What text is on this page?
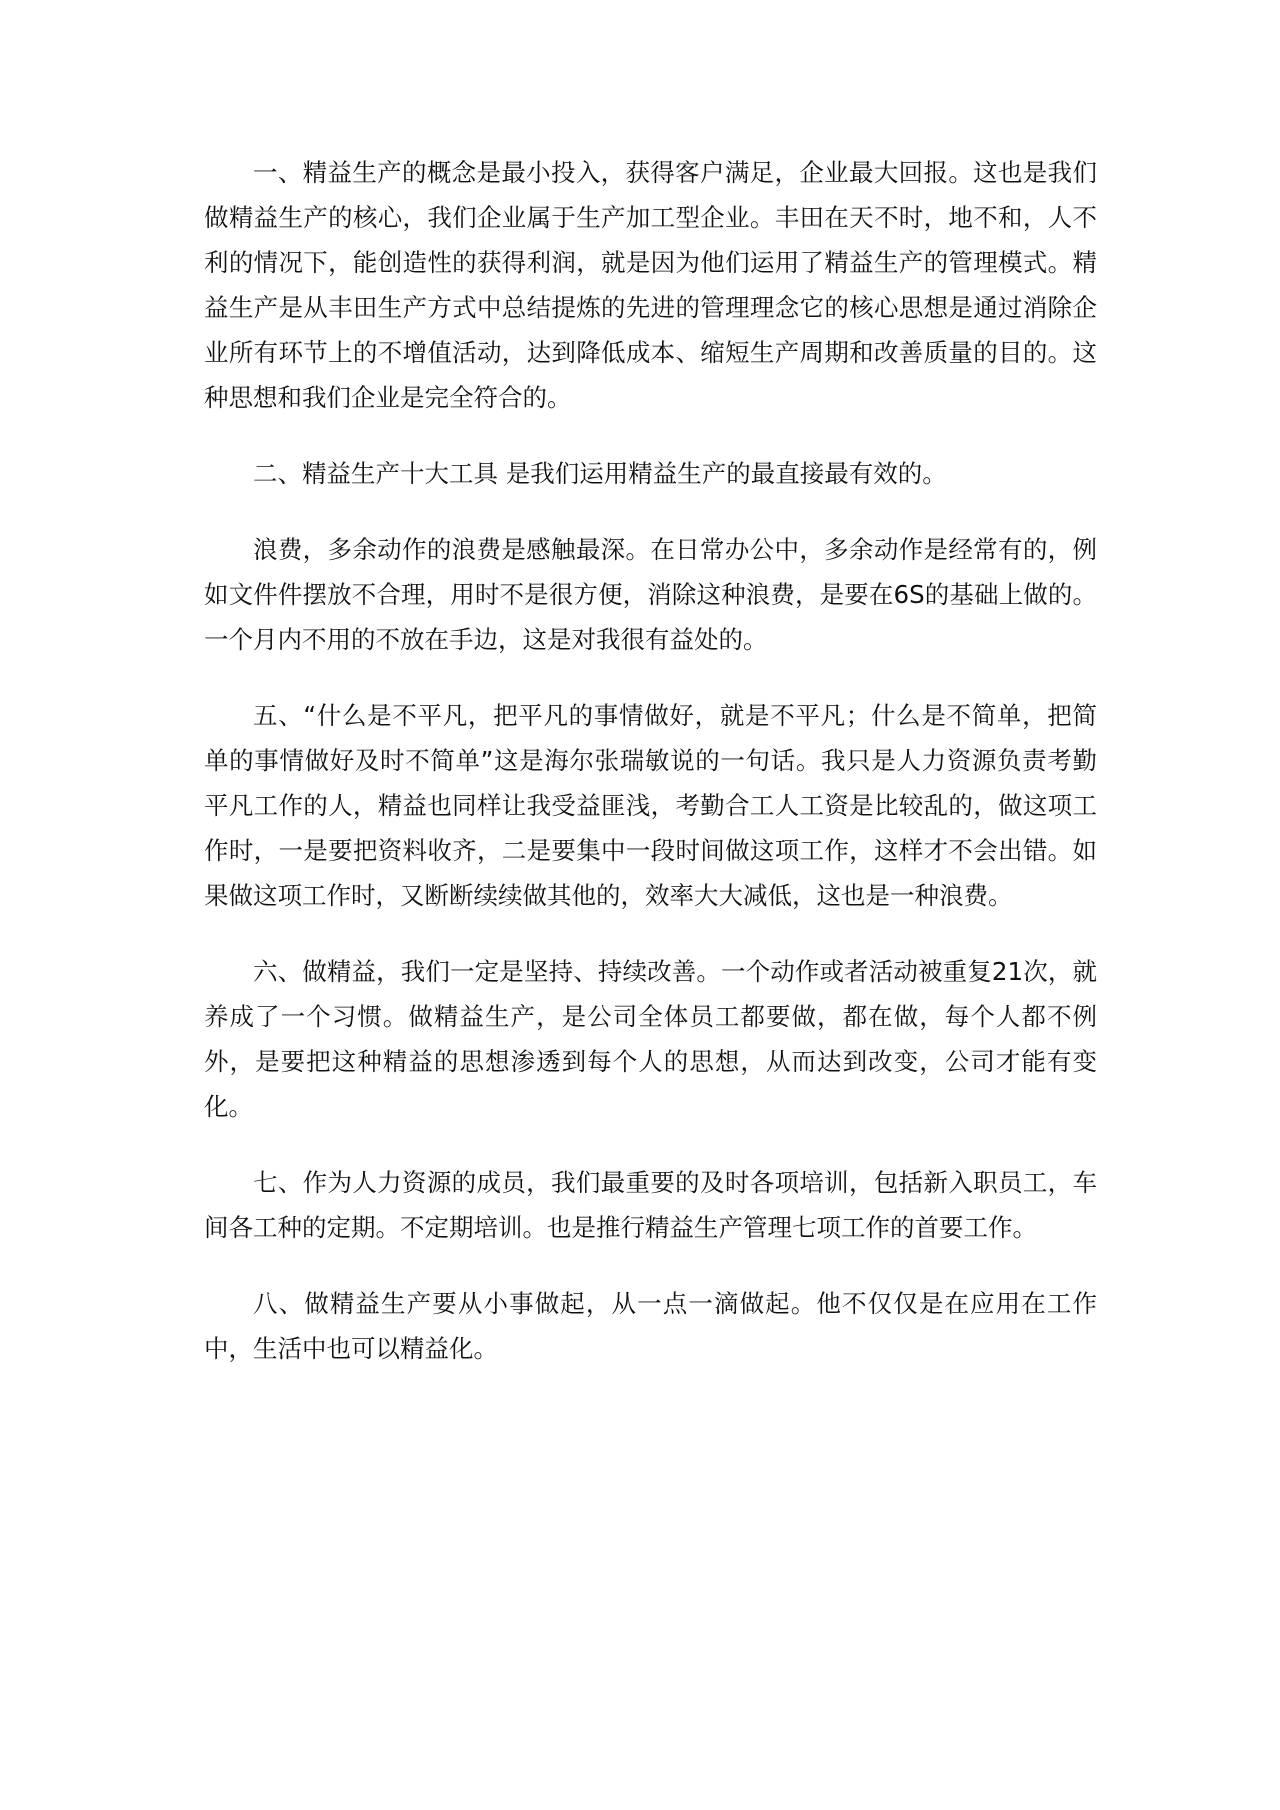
一、精益生产的概念是最小投入，获得客户满足，企业最大回报。这也是我们做精益生产的核心，我们企业属于生产加工型企业。丰田在天不时，地不和，人不利的情况下，能创造性的获得利润，就是因为他们运用了精益生产的管理模式。精益生产是从丰田生产方式中总结提炼的先进的管理理念它的核心思想是通过消除企业所有环节上的不增值活动，达到降低成本、缩短生产周期和改善质量的目的。这种思想和我们企业是完全符合的。

二、精益生产十大工具 是我们运用精益生产的最直接最有效的。

浪费，多余动作的浪费是感触最深。在日常办公中，多余动作是经常有的，例如文件件摆放不合理，用时不是很方便，消除这种浪费，是要在6S的基础上做的。一个月内不用的不放在手边，这是对我很有益处的。

五、“什么是不平凡，把平凡的事情做好，就是不平凡；什么是不简单，把简单的事情做好及时不简单”这是海尔张瑞敏说的一句话。我只是人力资源负责考勤平凡工作的人，精益也同样让我受益匪浅，考勤合工人工资是比较乱的，做这项工作时，一是要把资料收齐，二是要集中一段时间做这项工作，这样才不会出错。如果做这项工作时，又断断续续做其他的，效率大大减低，这也是一种浪费。

六、做精益，我们一定是坚持、持续改善。一个动作或者活动被重复21次，就养成了一个习惯。做精益生产，是公司全体员工都要做，都在做，每个人都不例外，是要把这种精益的思想渗透到每个人的思想，从而达到改变，公司才能有变化。

七、作为人力资源的成员，我们最重要的及时各项培训，包括新入职员工，车间各工种的定期。不定期培训。也是推行精益生产管理七项工作的首要工作。

八、做精益生产要从小事做起，从一点一滴做起。他不仅仅是在应用在工作中，生活中也可以精益化。
